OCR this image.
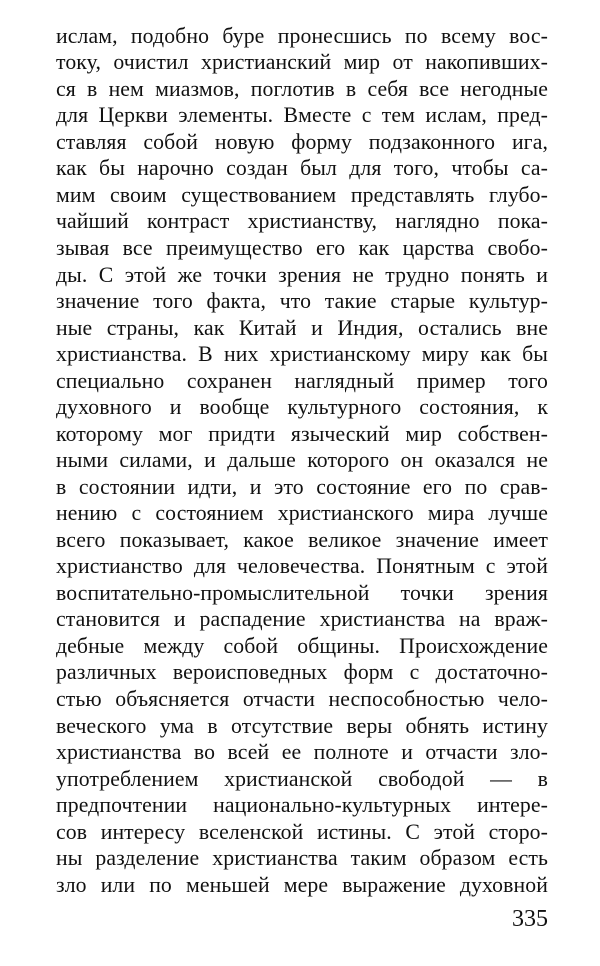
ислам, подобно буре пронесшись по всему вос-
току, очистил христианский мир от накопивших-
ся в нем миазмов, поглотив в себя все негодные
для Церкви элементы. Вместе с тем ислам, пред-
ставляя собой новую форму подзаконного ига,
как бы нарочно создан был для того, чтобы са-
мим своим существованием представлять глубо-
чайший контраст христианству, наглядно пока-
зывая все преимущество его как царства свобо-
ды. С этой же точки зрения не трудно понять и
значение того факта, что такие старые культур-
ные страны, как Китай и Индия, остались вне
христианства. В них христианскому миру как бы
специально сохранен наглядный пример того
духовного и вообще культурного состояния, к
которому мог придти языческий мир собствен-
ными силами, и дальше которого он оказался не
в состоянии идти, и это состояние его по срав-
нению с состоянием христианского мира лучше
всего показывает, какое великое значение имеет
христианство для человечества. Понятным с этой
воспитательно-промыслительной точки зрения
становится и распадение христианства на враж-
дебные между собой общины. Происхождение
различных вероисповедных форм с достаточно-
стью объясняется отчасти неспособностью чело-
веческого ума в отсутствие веры обнять истину
христианства во всей ее полноте и отчасти зло-
употреблением христианской свободой — в
предпочтении национально-культурных интере-
сов интересу вселенской истины. С этой сторо-
ны разделение христианства таким образом есть
зло или по меньшей мере выражение духовной
335
